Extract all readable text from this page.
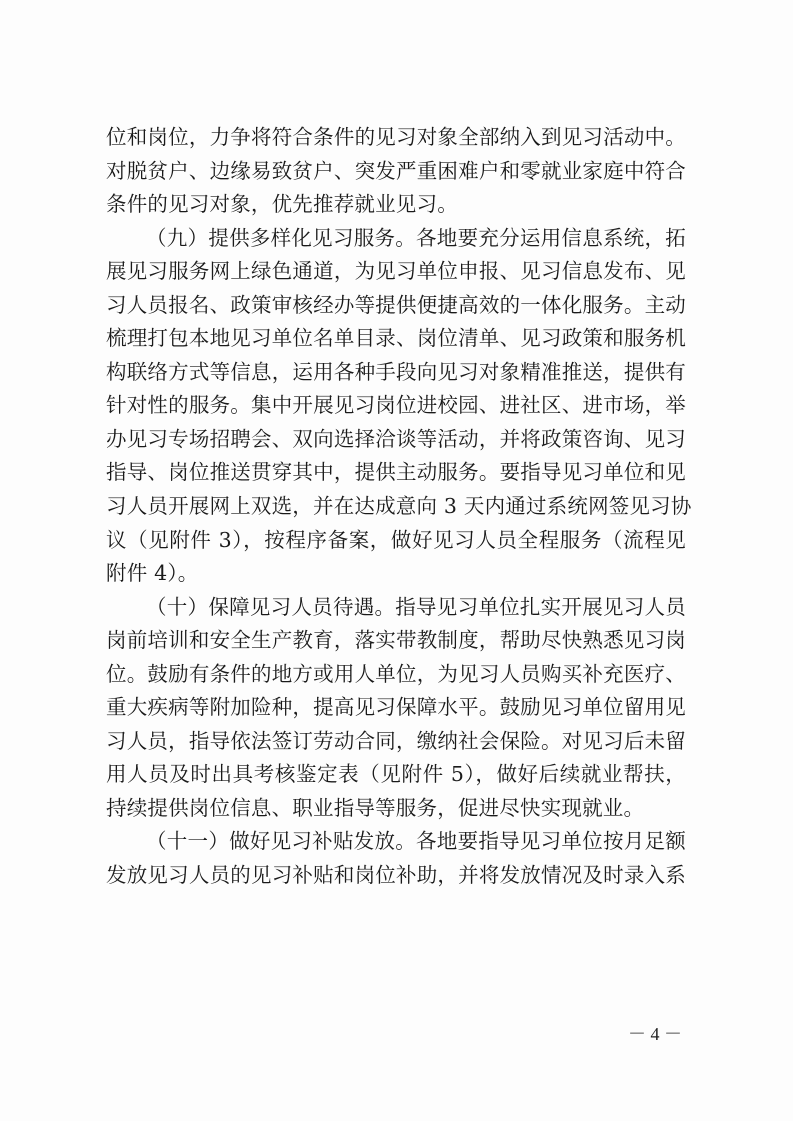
位和岗位，力争将符合条件的见习对象全部纳入到见习活动中。
对脱贫户、边缘易致贫户、突发严重困难户和零就业家庭中符合
条件的见习对象，优先推荐就业见习。
（九）提供多样化见习服务。各地要充分运用信息系统，拓
展见习服务网上绿色通道，为见习单位申报、见习信息发布、见
习人员报名、政策审核经办等提供便捷高效的一体化服务。主动
梳理打包本地见习单位名单目录、岗位清单、见习政策和服务机
构联络方式等信息，运用各种手段向见习对象精准推送，提供有
针对性的服务。集中开展见习岗位进校园、进社区、进市场，举
办见习专场招聘会、双向选择洽谈等活动，并将政策咨询、见习
指导、岗位推送贯穿其中，提供主动服务。要指导见习单位和见
习人员开展网上双选，并在达成意向 3 天内通过系统网签见习协
议（见附件 3），按程序备案，做好见习人员全程服务（流程见
附件 4）。
（十）保障见习人员待遇。指导见习单位扎实开展见习人员
岗前培训和安全生产教育，落实带教制度，帮助尽快熟悉见习岗
位。鼓励有条件的地方或用人单位，为见习人员购买补充医疗、
重大疾病等附加险种，提高见习保障水平。鼓励见习单位留用见
习人员，指导依法签订劳动合同，缴纳社会保险。对见习后未留
用人员及时出具考核鉴定表（见附件 5），做好后续就业帮扶，
持续提供岗位信息、职业指导等服务，促进尽快实现就业。
（十一）做好见习补贴发放。各地要指导见习单位按月足额
发放见习人员的见习补贴和岗位补助，并将发放情况及时录入系
－ 4 －
